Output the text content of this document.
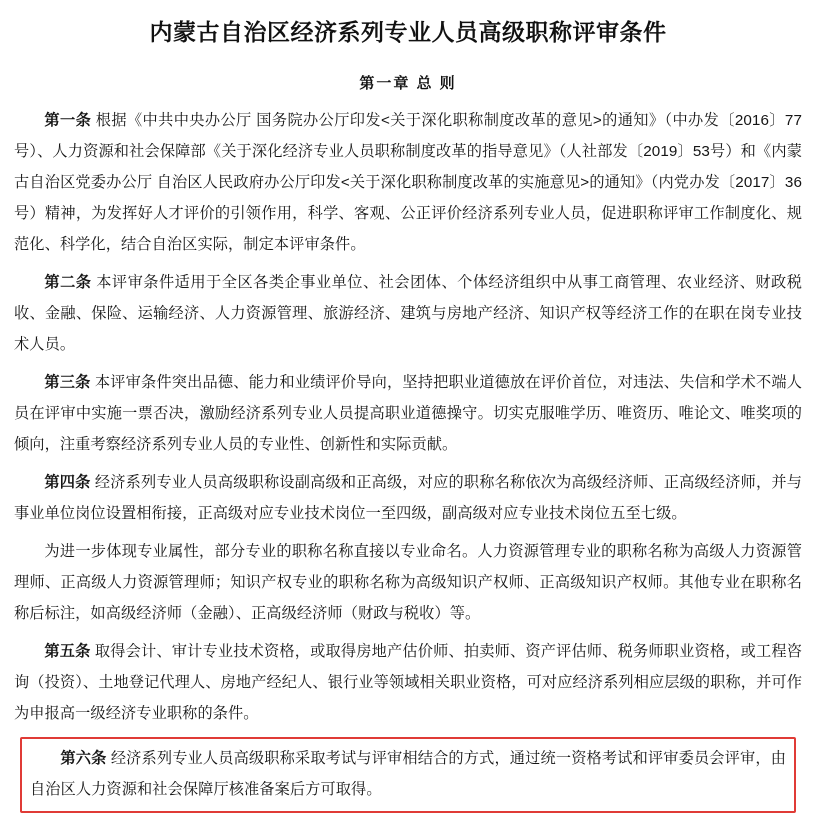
内蒙古自治区经济系列专业人员高级职称评审条件
第一章 总 则

第一条 根据《中共中央办公厅 国务院办公厅印发<关于深化职称制度改革的意见>的通知》（中办发〔2016〕77号）、人力资源和社会保障部《关于深化经济专业人员职称制度改革的指导意见》（人社部发〔2019〕53号）和《内蒙古自治区党委办公厅 自治区人民政府办公厅印发<关于深化职称制度改革的实施意见>的通知》（内党办发〔2017〕36号）精神，为发挥好人才评价的引领作用，科学、客观、公正评价经济系列专业人员，促进职称评审工作制度化、规范化、科学化，结合自治区实际，制定本评审条件。

第二条 本评审条件适用于全区各类企事业单位、社会团体、个体经济组织中从事工商管理、农业经济、财政税收、金融、保险、运输经济、人力资源管理、旅游经济、建筑与房地产经济、知识产权等经济工作的在职在岗专业技术人员。

第三条 本评审条件突出品德、能力和业绩评价导向，坚持把职业道德放在评价首位，对违法、失信和学术不端人员在评审中实施一票否决，激励经济系列专业人员提高职业道德操守。切实克服唯学历、唯资历、唯论文、唯奖项的倾向，注重考察经济系列专业人员的专业性、创新性和实际贡献。

第四条 经济系列专业人员高级职称设副高级和正高级，对应的职称名称依次为高级经济师、正高级经济师，并与事业单位岗位设置相衔接，正高级对应专业技术岗位一至四级，副高级对应专业技术岗位五至七级。

为进一步体现专业属性，部分专业的职称名称直接以专业命名。人力资源管理专业的职称名称为高级人力资源管理师、正高级人力资源管理师；知识产权专业的职称名称为高级知识产权师、正高级知识产权师。其他专业在职称名称后标注，如高级经济师（金融）、正高级经济师（财政与税收）等。

第五条 取得会计、审计专业技术资格，或取得房地产估价师、拍卖师、资产评估师、税务师职业资格，或工程咨询（投资）、土地登记代理人、房地产经纪人、银行业等领域相关职业资格，可对应经济系列相应层级的职称，并可作为申报高一级经济专业职称的条件。

第六条 经济系列专业人员高级职称采取考试与评审相结合的方式，通过统一资格考试和评审委员会评审，由自治区人力资源和社会保障厅核准备案后方可取得。
